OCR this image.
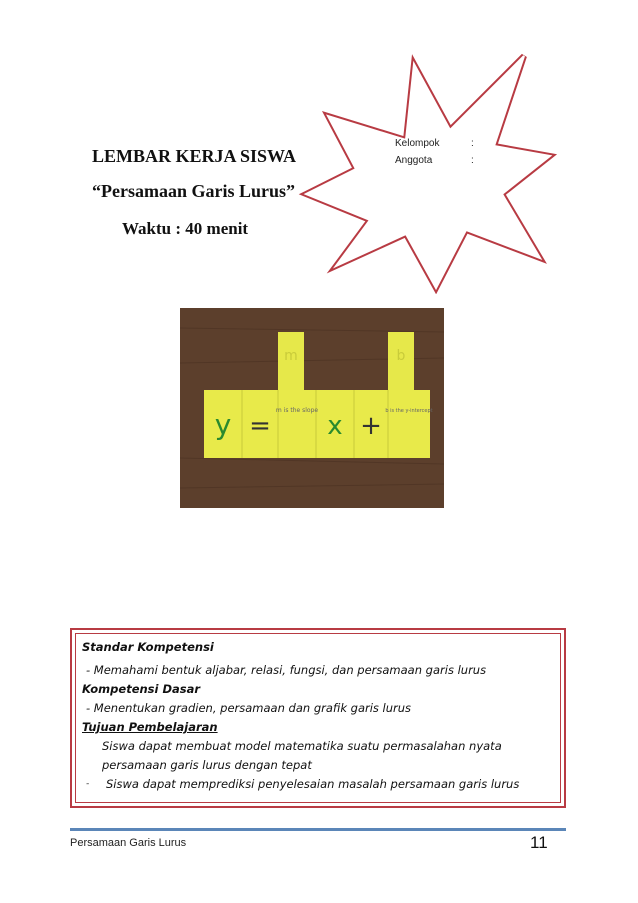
LEMBAR KERJA SISWA
“Persamaan Garis Lurus”
Waktu : 40 menit
Kelompok	:
Anggota	:
m	b
y =
m is the slope
x + b is the y-intercept
Standar Kompetensi
- Memahami bentuk aljabar, relasi, fungsi, dan persamaan garis lurus
Kompetensi Dasar
- Menentukan gradien, persamaan dan grafik garis lurus
Tujuan Pembelajaran
Siswa dapat membuat model matematika suatu permasalahan nyata
persamaan garis lurus dengan tepat
-	Siswa dapat memprediksi penyelesaian masalah persamaan garis lurus
Persamaan Garis Lurus	11
